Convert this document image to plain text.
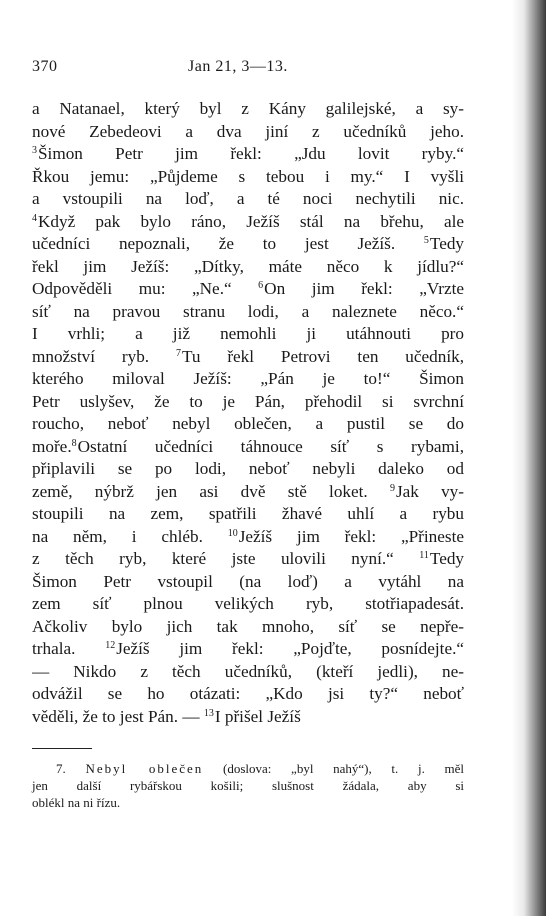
370	Jan 21, 3—13.
a Natanael, který byl z Kány galilejské, a sy-
nové Zebedeovi a dva jiní z učedníků jeho.
$^3$Šimon Petr jim řekl: „Jdu lovit ryby.“
Řkou jemu: „Půjdeme s tebou i my.“ I vyšli
a vstoupili na loď, a té noci nechytili nic.
$^4$Když pak bylo ráno, Ježíš stál na břehu, ale
učedníci nepoznali, že to jest Ježíš.	$^5$Tedy
řekl jim Ježíš: „Dítky, máte něco k jídlu?“
Odpověděli mu: „Ne.“	$^6$On jim řekl: „Vrzte
síť na pravou stranu lodi, a naleznete něco.“
I vrhli; a již nemohli ji utáhnouti pro
množství ryb.	$^7$Tu řekl Petrovi ten učedník,
kterého miloval Ježíš: „Pán je to!“ Šimon
Petr uslyšev, že to je Pán, přehodil si svrchní
roucho, neboť nebyl oblečen, a pustil se do
moře.$^8$Ostatní učedníci táhnouce síť s rybami,
připlavili se po lodi, neboť nebyli daleko od
země, nýbrž jen asi dvě stě loket. $^9$Jak vy-
stoupili na zem, spatřili žhavé uhlí a rybu
na něm, i chléb. $^{10}$Ježíš jim řekl: „Přineste
z těch ryb, které jste ulovili nyní.“	$^{11}$Tedy
Šimon Petr vstoupil (na loď) a vytáhl na
zem síť plnou velikých ryb, stotřiapadesát.
Ačkoliv bylo jich tak mnoho, síť se nepře-
trhala.	$^{12}$Ježíš jim řekl: „Pojďte, posnídejte.“
— Nikdo z těch učedníků, (kteří jedli), ne-
odvážil se ho otázati: „Kdo jsi ty?“ neboť
věděli, že to jest Pán. — $^{13}$I přišel Ježíš
7. Nebyl oblečen (doslova: „byl nahý“), t. j. měl
jen další rybářskou košili; slušnost žádala, aby si
oblékl na ni řízu.
